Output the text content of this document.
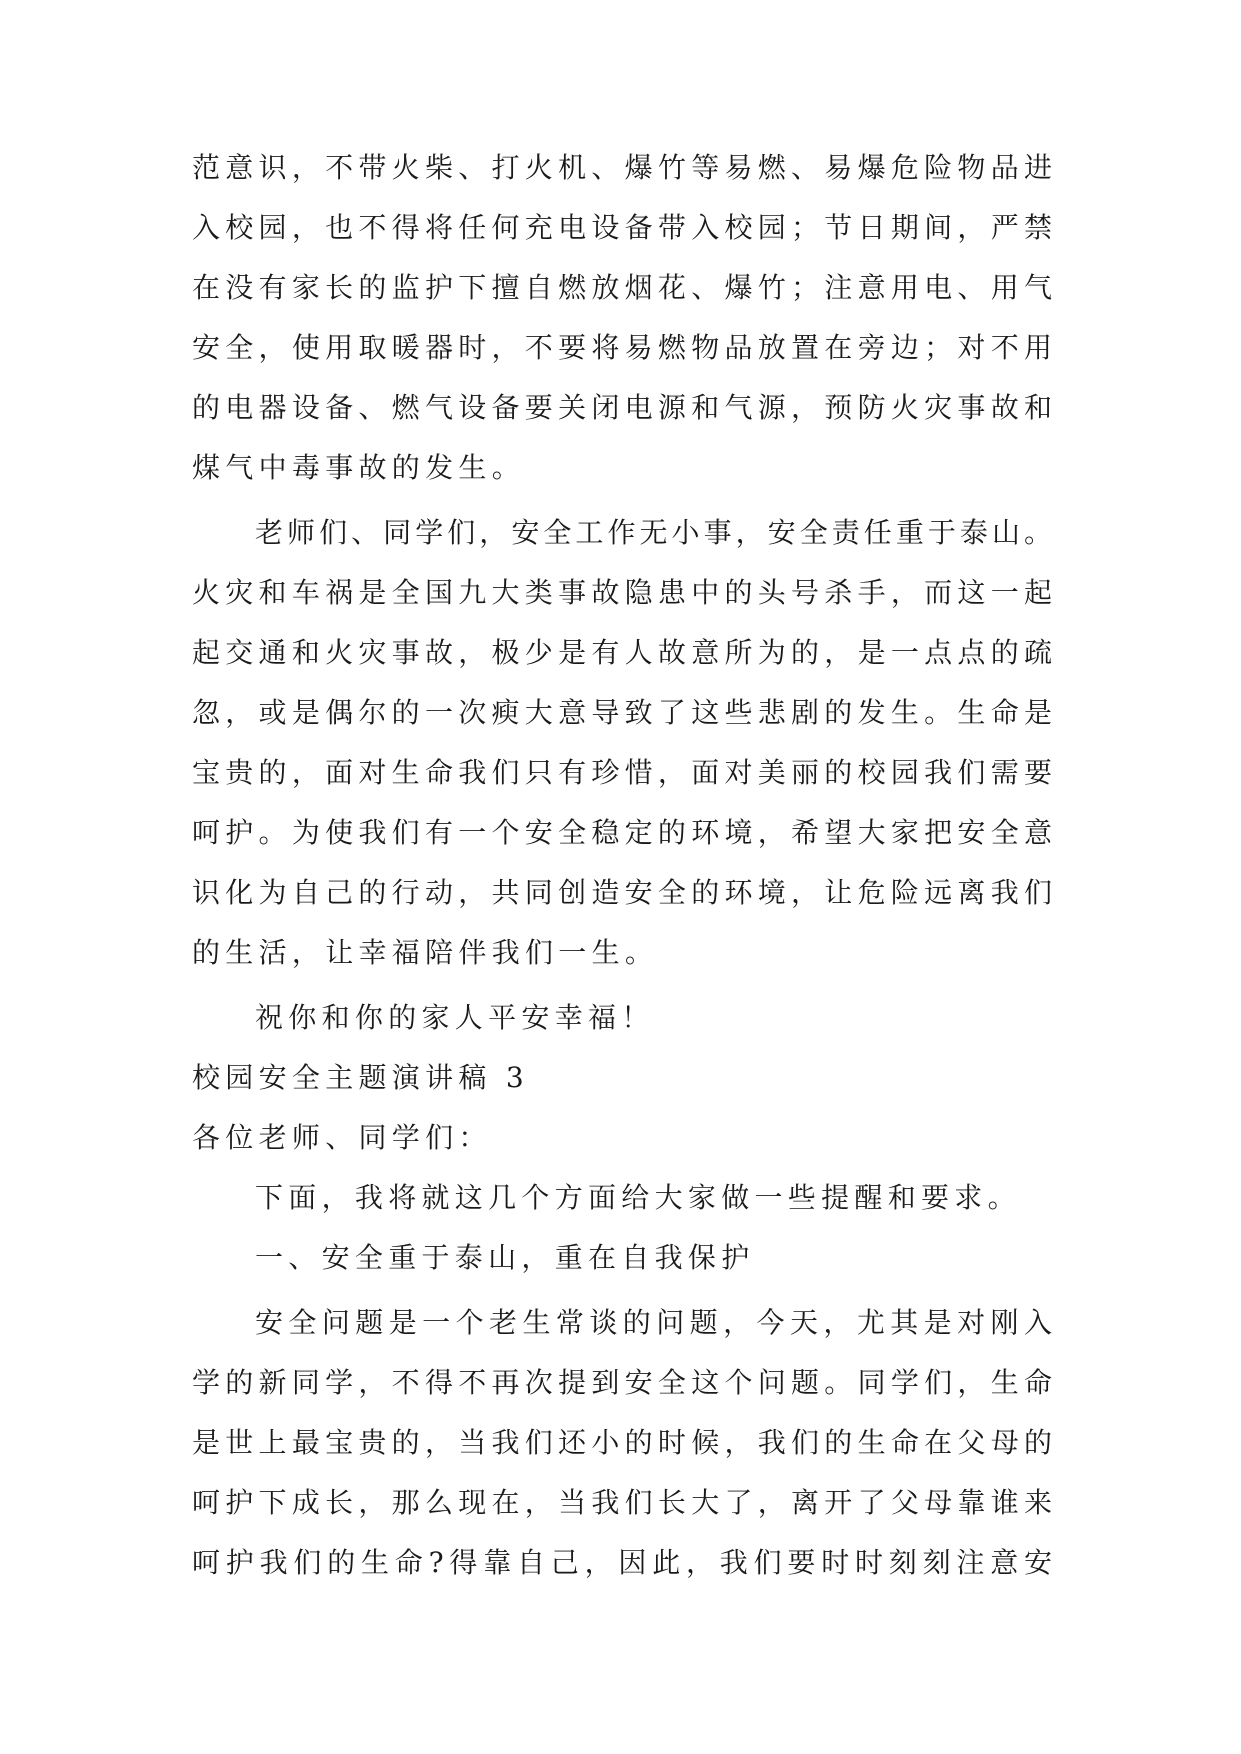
范意识，不带火柴、打火机、爆竹等易燃、易爆危险物品进
入校园，也不得将任何充电设备带入校园；节日期间，严禁
在没有家长的监护下擅自燃放烟花、爆竹；注意用电、用气
安全，使用取暖器时，不要将易燃物品放置在旁边；对不用
的电器设备、燃气设备要关闭电源和气源，预防火灾事故和
煤气中毒事故的发生。
老师们、同学们，安全工作无小事，安全责任重于泰山。
火灾和车祸是全国九大类事故隐患中的头号杀手，而这一起
起交通和火灾事故，极少是有人故意所为的，是一点点的疏
忽，或是偶尔的一次瘐大意导致了这些悲剧的发生。生命是
宝贵的，面对生命我们只有珍惜，面对美丽的校园我们需要
呵护。为使我们有一个安全稳定的环境，希望大家把安全意
识化为自己的行动，共同创造安全的环境，让危险远离我们
的生活，让幸福陪伴我们一生。
祝你和你的家人平安幸福！
校园安全主题演讲稿 3
各位老师、同学们：
下面，我将就这几个方面给大家做一些提醒和要求。
一、安全重于泰山，重在自我保护
安全问题是一个老生常谈的问题，今天，尤其是对刚入
学的新同学，不得不再次提到安全这个问题。同学们，生命
是世上最宝贵的，当我们还小的时候，我们的生命在父母的
呵护下成长，那么现在，当我们长大了，离开了父母靠谁来
呵护我们的生命?得靠自己，因此，我们要时时刻刻注意安
